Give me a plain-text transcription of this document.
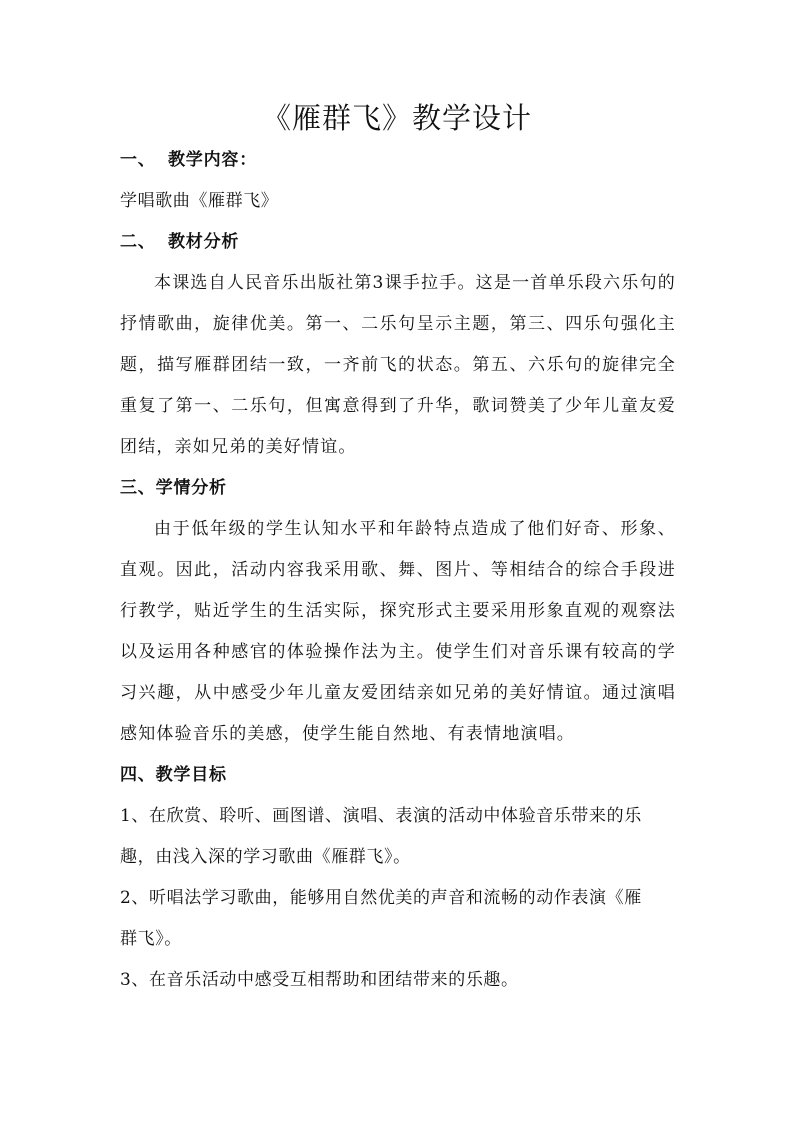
《雁群飞》教学设计

一、 教学内容：

学唱歌曲《雁群飞》

二、 教材分析

本课选自人民音乐出版社第3课手拉手。这是一首单乐段六乐句的抒情歌曲，旋律优美。第一、二乐句呈示主题，第三、四乐句强化主题，描写雁群团结一致，一齐前飞的状态。第五、六乐句的旋律完全重复了第一、二乐句，但寓意得到了升华，歌词赞美了少年儿童友爱团结，亲如兄弟的美好情谊。

三、学情分析

由于低年级的学生认知水平和年龄特点造成了他们好奇、形象、直观。因此，活动内容我采用歌、舞、图片、等相结合的综合手段进行教学，贴近学生的生活实际，探究形式主要采用形象直观的观察法以及运用各种感官的体验操作法为主。使学生们对音乐课有较高的学习兴趣，从中感受少年儿童友爱团结亲如兄弟的美好情谊。通过演唱感知体验音乐的美感，使学生能自然地、有表情地演唱。

四、教学目标

1、在欣赏、聆听、画图谱、演唱、表演的活动中体验音乐带来的乐

趣，由浅入深的学习歌曲《雁群飞》。

2、听唱法学习歌曲，能够用自然优美的声音和流畅的动作表演《雁

群飞》。

3、在音乐活动中感受互相帮助和团结带来的乐趣。
